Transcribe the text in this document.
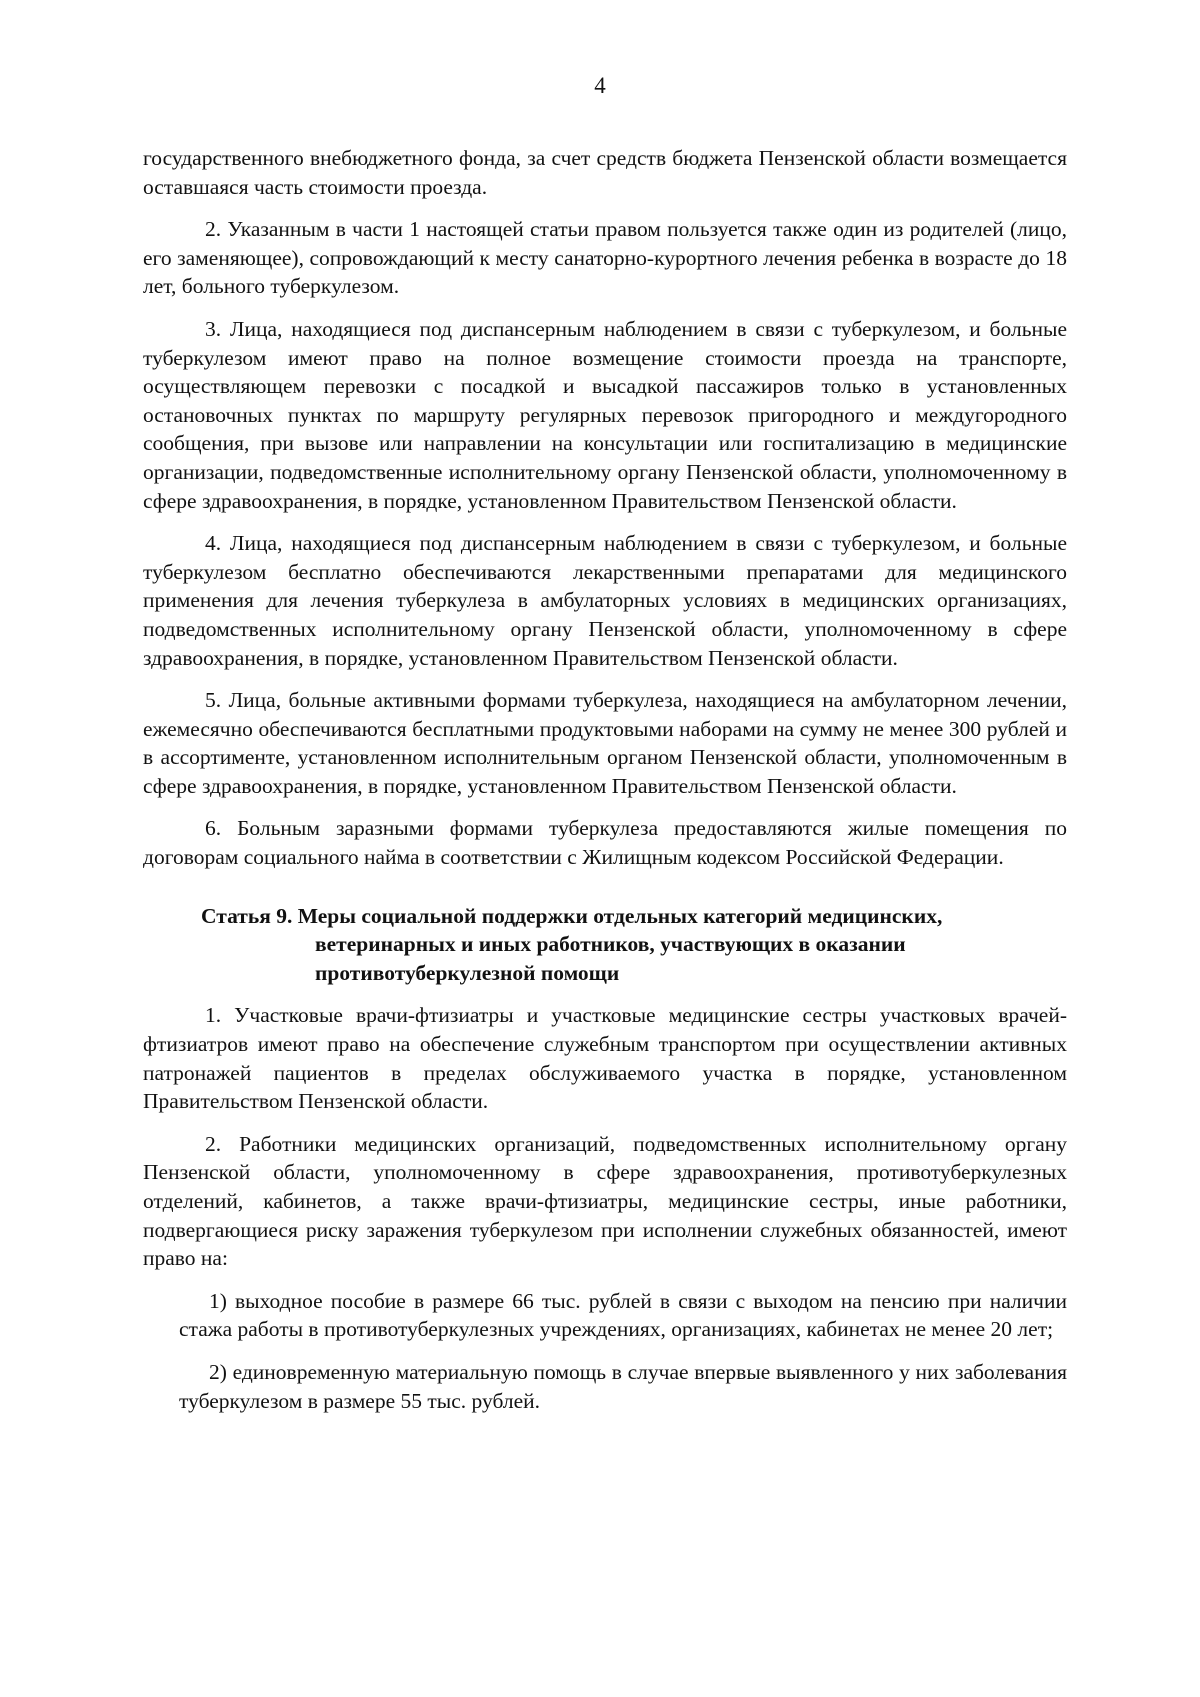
4

государственного внебюджетного фонда, за счет средств бюджета Пензенской области возмещается оставшаяся часть стоимости проезда.

2. Указанным в части 1 настоящей статьи правом пользуется также один из родителей (лицо, его заменяющее), сопровождающий к месту санаторно-курортного лечения ребенка в возрасте до 18 лет, больного туберкулезом.

3. Лица, находящиеся под диспансерным наблюдением в связи с туберкулезом, и больные туберкулезом имеют право на полное возмещение стоимости проезда на транспорте, осуществляющем перевозки с посадкой и высадкой пассажиров только в установленных остановочных пунктах по маршруту регулярных перевозок пригородного и междугородного сообщения, при вызове или направлении на консультации или госпитализацию в медицинские организации, подведомственные исполнительному органу Пензенской области, уполномоченному в сфере здравоохранения, в порядке, установленном Правительством Пензенской области.

4. Лица, находящиеся под диспансерным наблюдением в связи с туберкулезом, и больные туберкулезом бесплатно обеспечиваются лекарственными препаратами для медицинского применения для лечения туберкулеза в амбулаторных условиях в медицинских организациях, подведомственных исполнительному органу Пензенской области, уполномоченному в сфере здравоохранения, в порядке, установленном Правительством Пензенской области.

5. Лица, больные активными формами туберкулеза, находящиеся на амбулаторном лечении, ежемесячно обеспечиваются бесплатными продуктовыми наборами на сумму не менее 300 рублей и в ассортименте, установленном исполнительным органом Пензенской области, уполномоченным в сфере здравоохранения, в порядке, установленном Правительством Пензенской области.

6. Больным заразными формами туберкулеза предоставляются жилые помещения по договорам социального найма в соответствии с Жилищным кодексом Российской Федерации.

Статья 9. Меры социальной поддержки отдельных категорий медицинских,
ветеринарных и иных работников, участвующих в оказании противотуберкулезной помощи

1. Участковые врачи-фтизиатры и участковые медицинские сестры участковых врачей-фтизиатров имеют право на обеспечение служебным транспортом при осуществлении активных патронажей пациентов в пределах обслуживаемого участка в порядке, установленном Правительством Пензенской области.

2. Работники медицинских организаций, подведомственных исполнительному органу Пензенской области, уполномоченному в сфере здравоохранения, противотуберкулезных отделений, кабинетов, а также врачи-фтизиатры, медицинские сестры, иные работники, подвергающиеся риску заражения туберкулезом при исполнении служебных обязанностей, имеют право на:

1) выходное пособие в размере 66 тыс. рублей в связи с выходом на пенсию при наличии стажа работы в противотуберкулезных учреждениях, организациях, кабинетах не менее 20 лет;

2) единовременную материальную помощь в случае впервые выявленного у них заболевания туберкулезом в размере 55 тыс. рублей.
